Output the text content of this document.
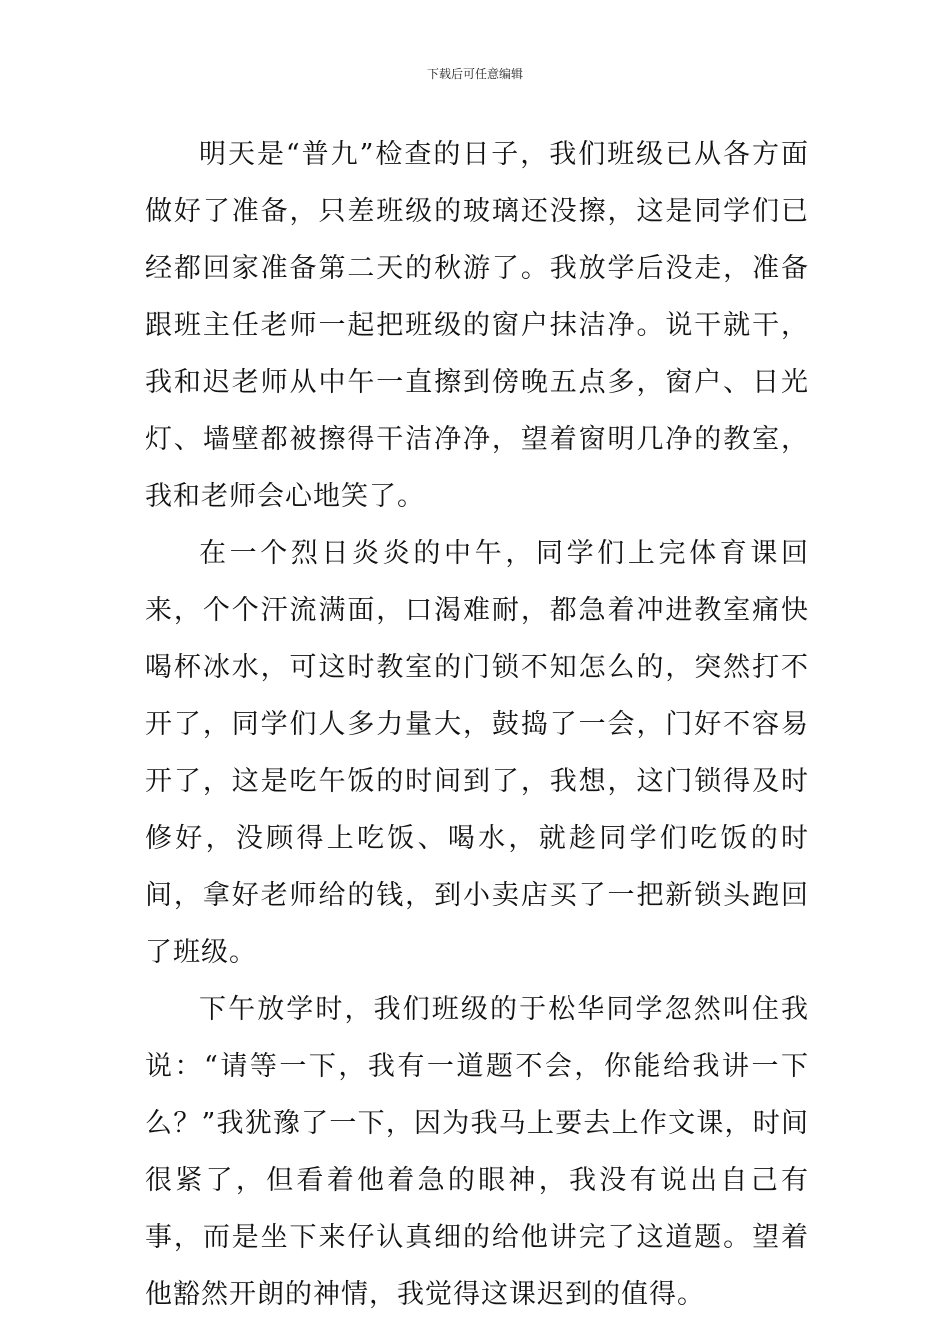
下载后可任意编辑

明天是“普九”检查的日子，我们班级已从各方面做好了准备，只差班级的玻璃还没擦，这是同学们已经都回家准备第二天的秋游了。我放学后没走，准备跟班主任老师一起把班级的窗户抹洁净。说干就干，我和迟老师从中午一直擦到傍晚五点多，窗户、日光灯、墙壁都被擦得干洁净净，望着窗明几净的教室，我和老师会心地笑了。

在一个烈日炎炎的中午，同学们上完体育课回来，个个汗流满面，口渴难耐，都急着冲进教室痛快喝杯冰水，可这时教室的门锁不知怎么的，突然打不开了，同学们人多力量大，鼓捣了一会，门好不容易开了，这是吃午饭的时间到了，我想，这门锁得及时修好，没顾得上吃饭、喝水，就趁同学们吃饭的时间，拿好老师给的钱，到小卖店买了一把新锁头跑回了班级。

下午放学时，我们班级的于松华同学忽然叫住我说：“请等一下，我有一道题不会，你能给我讲一下么？”我犹豫了一下，因为我马上要去上作文课，时间很紧了，但看着他着急的眼神，我没有说出自己有事，而是坐下来仔认真细的给他讲完了这道题。望着他豁然开朗的神情，我觉得这课迟到的值得。
